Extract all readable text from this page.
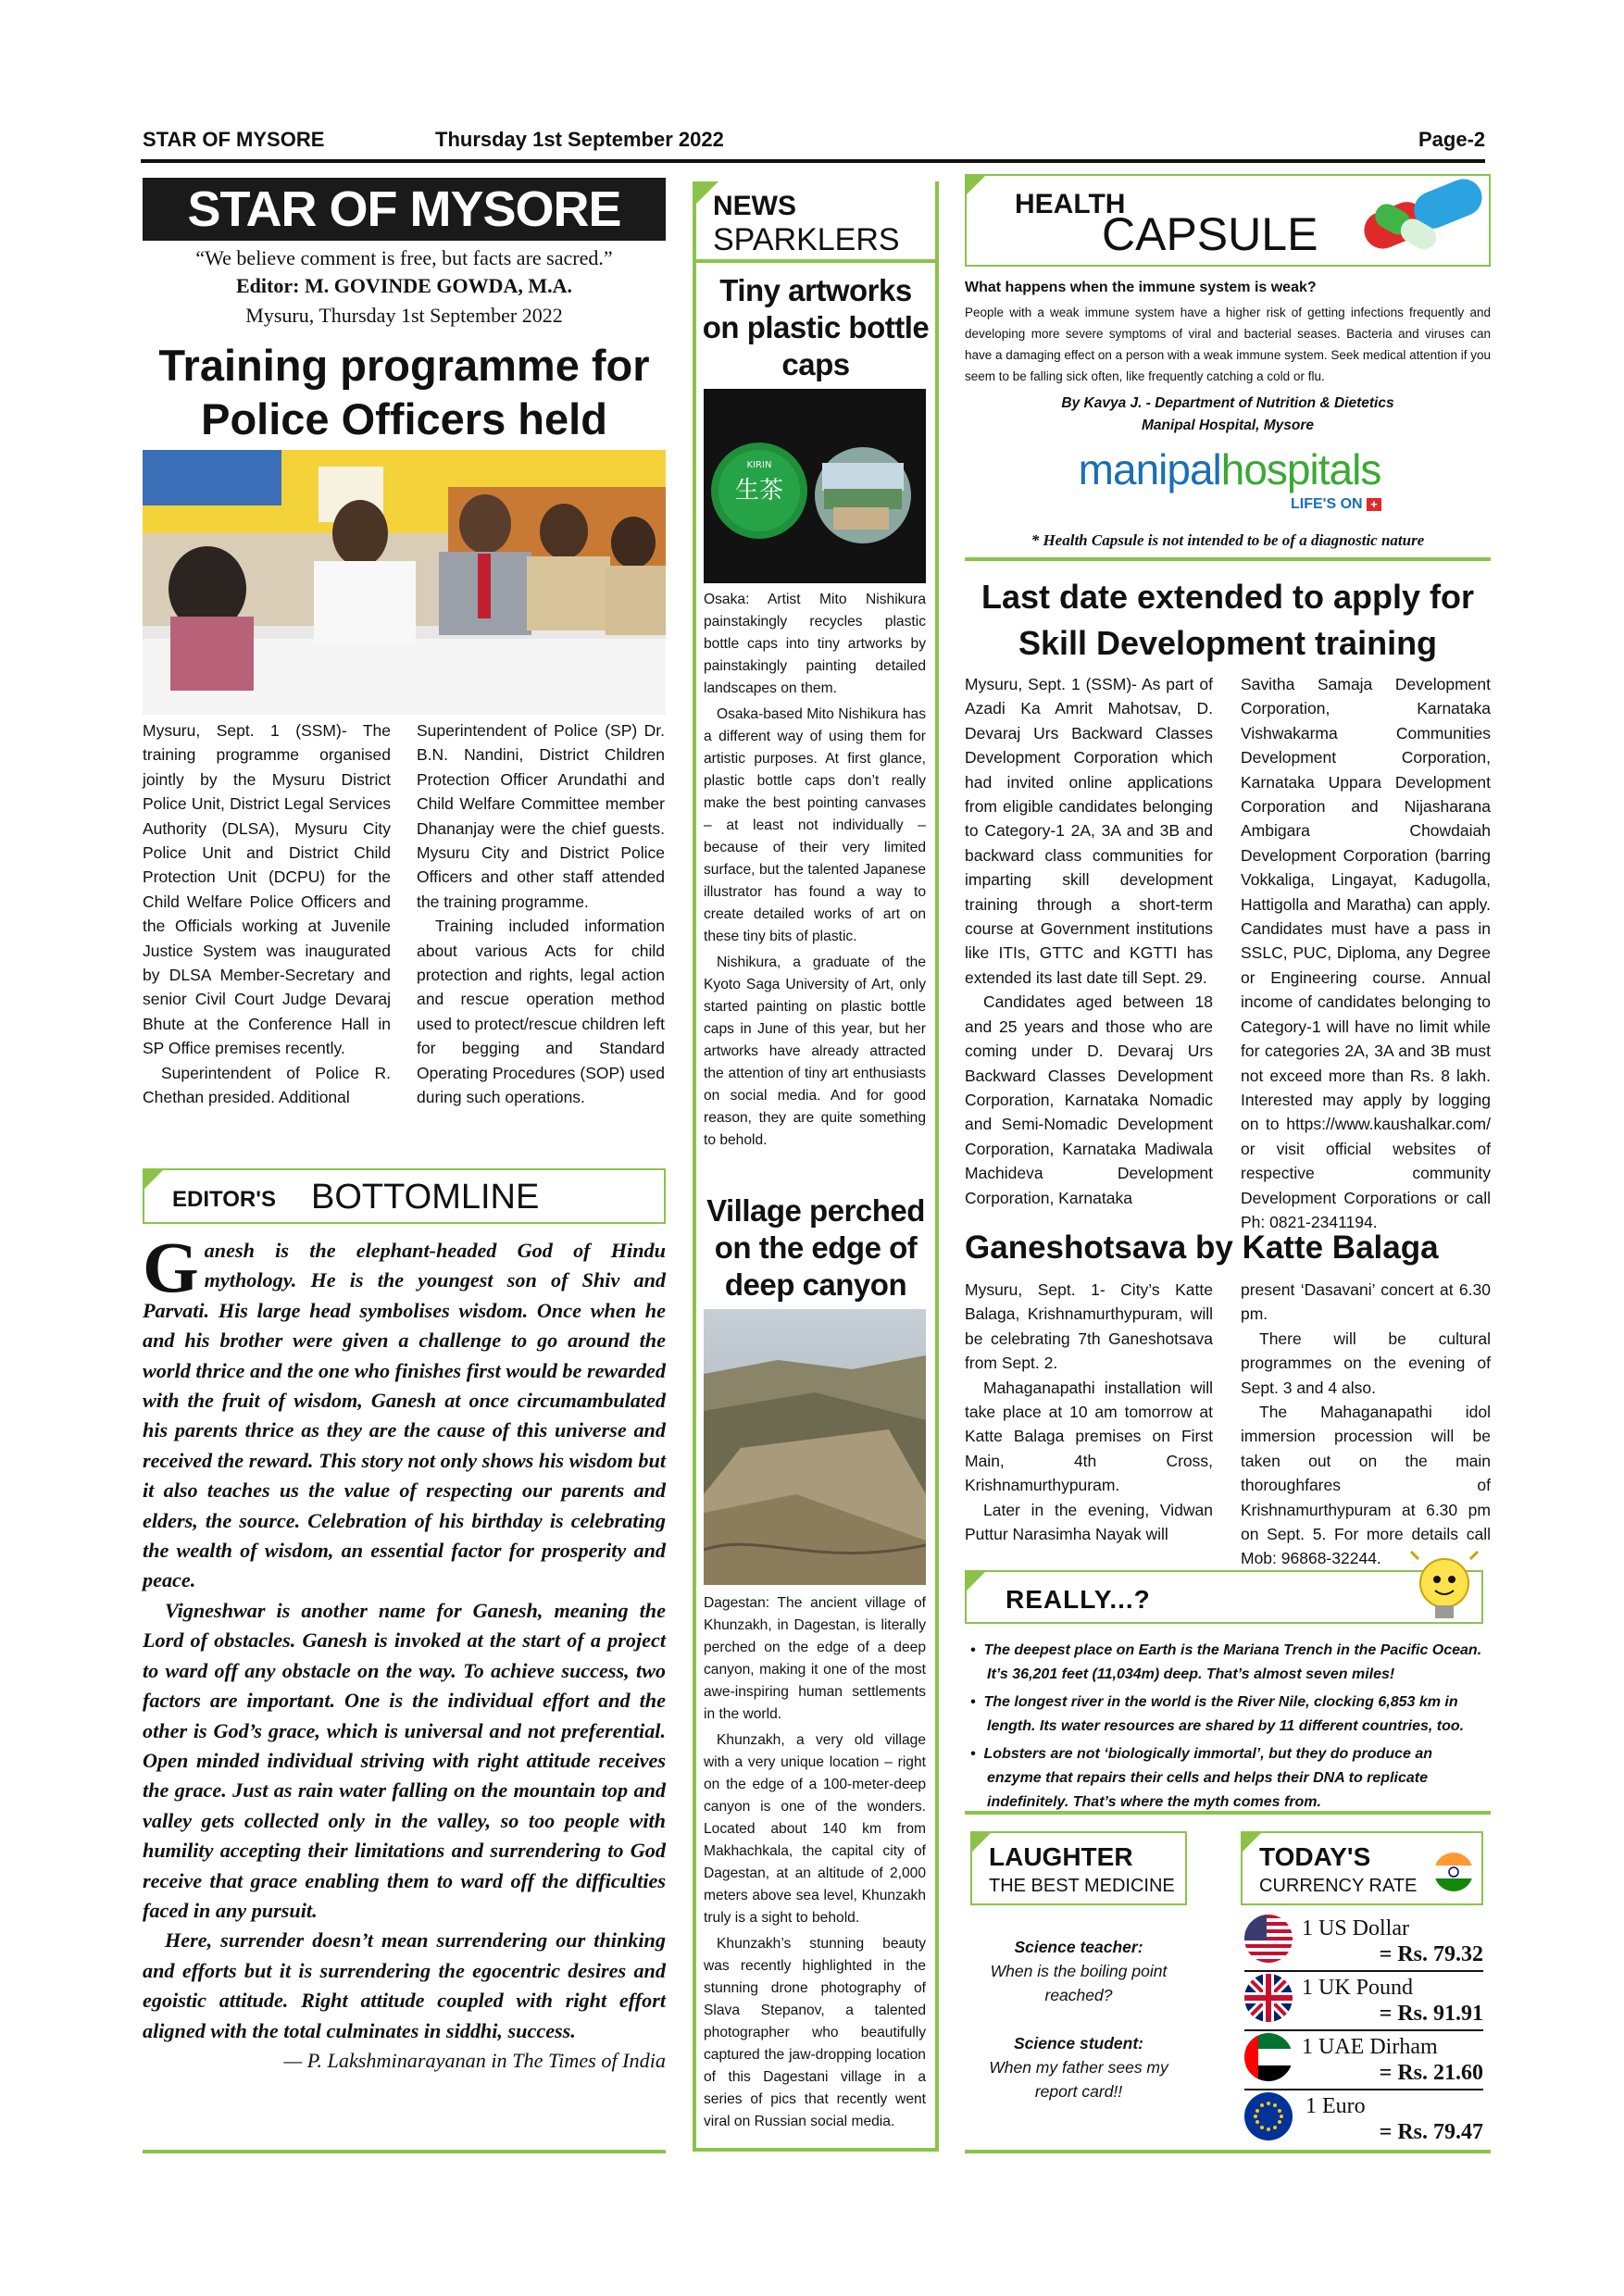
STAR OF MYSORE	Thursday 1st September 2022	Page-2
STAR OF MYSORE
“We believe comment is free, but facts are sacred.”
Editor: M. GOVINDE GOWDA, M.A.
Mysuru, Thursday 1st September 2022
Training programme for Police Officers held

Mysuru, Sept. 1 (SSM)- The training programme organised jointly by the Mysuru District Police Unit, District Legal Services Authority (DLSA), Mysuru City Police Unit and District Child Protection Unit (DCPU) for the Child Welfare Police Officers and the Officials working at Juvenile Justice System was inaugurated by DLSA Member-Secretary and senior Civil Court Judge Devaraj Bhute at the Conference Hall in SP Office premises recently.

Superintendent of Police R. Chethan presided. Additional

Superintendent of Police (SP) Dr. B.N. Nandini, District Children Protection Officer Arundathi and Child Welfare Committee member Dhananjay were the chief guests. Mysuru City and District Police Officers and other staff attended the training programme.

Training included information about various Acts for child protection and rights, legal action and rescue operation method used to protect/rescue children left for begging and Standard Operating Procedures (SOP) used during such operations.

EDITOR'S BOTTOMLINE

Ganesh is the elephant-headed God of Hindu mythology. He is the youngest son of Shiv and Parvati. His large head symbolises wisdom. Once when he and his brother were given a challenge to go around the world thrice and the one who finishes first would be rewarded with the fruit of wisdom, Ganesh at once circumambulated his parents thrice as they are the cause of this universe and received the reward. This story not only shows his wisdom but it also teaches us the value of respecting our parents and elders, the source. Celebration of his birthday is celebrating the wealth of wisdom, an essential factor for prosperity and peace.

Vigneshwar is another name for Ganesh, meaning the Lord of obstacles. Ganesh is invoked at the start of a project to ward off any obstacle on the way. To achieve success, two factors are important. One is the individual effort and the other is God’s grace, which is universal and not preferential. Open minded individual striving with right attitude receives the grace. Just as rain water falling on the mountain top and valley gets collected only in the valley, so too people with humility accepting their limitations and surrendering to God receive that grace enabling them to ward off the difficulties faced in any pursuit.

Here, surrender doesn’t mean surrendering our thinking and efforts but it is surrendering the egocentric desires and egoistic attitude. Right attitude coupled with right effort aligned with the total culminates in siddhi, success.

— P. Lakshminarayanan in The Times of India
NEWS
SPARKLERS
Tiny artworks on plastic bottle caps
生茶
KIRIN

Osaka: Artist Mito Nishikura painstakingly recycles plastic bottle caps into tiny artworks by painstakingly painting detailed landscapes on them.

Osaka-based Mito Nishikura has a different way of using them for artistic purposes. At first glance, plastic bottle caps don’t really make the best pointing canvases – at least not individually – because of their very limited surface, but the talented Japanese illustrator has found a way to create detailed works of art on these tiny bits of plastic.

Nishikura, a graduate of the Kyoto Saga University of Art, only started painting on plastic bottle caps in June of this year, but her artworks have already attracted the attention of tiny art enthusiasts on social media. And for good reason, they are quite something to behold.

Village perched on the edge of deep canyon

Dagestan: The ancient village of Khunzakh, in Dagestan, is literally perched on the edge of a deep canyon, making it one of the most awe-inspiring human settlements in the world.

Khunzakh, a very old village with a very unique location – right on the edge of a 100-meter-deep canyon is one of the wonders. Located about 140 km from Makhachkala, the capital city of Dagestan, at an altitude of 2,000 meters above sea level, Khunzakh truly is a sight to behold.

Khunzakh’s stunning beauty was recently highlighted in the stunning drone photography of Slava Stepanov, a talented photographer who beautifully captured the jaw-dropping location of this Dagestani village in a series of pics that recently went viral on Russian social media.

HEALTH
CAPSULE
What happens when the immune system is weak?
People with a weak immune system have a higher risk of getting infections frequently and developing more severe symptoms of viral and bacterial seases. Bacteria and viruses can have a damaging effect on a person with a weak immune system. Seek medical attention if you seem to be falling sick often, like frequently catching a cold or flu.
By Kavya J. - Department of Nutrition & Dietetics
Manipal Hospital, Mysore
manipalhospitals
LIFE'S ON +
* Health Capsule is not intended to be of a diagnostic nature
Last date extended to apply for Skill Development training

Mysuru, Sept. 1 (SSM)- As part of Azadi Ka Amrit Mahotsav, D. Devaraj Urs Backward Classes Development Corporation which had invited online applications from eligible candidates belonging to Category-1 2A, 3A and 3B and backward class communities for imparting skill development training through a short-term course at Government institutions like ITIs, GTTC and KGTTI has extended its last date till Sept. 29.

Candidates aged between 18 and 25 years and those who are coming under D. Devaraj Urs Backward Classes Development Corporation, Karnataka Nomadic and Semi-Nomadic Development Corporation, Karnataka Madiwala Machideva Development Corporation, Karnataka

Savitha Samaja Development Corporation, Karnataka Vishwakarma Communities Development Corporation, Karnataka Uppara Development Corporation and Nijasharana Ambigara Chowdaiah Development Corporation (barring Vokkaliga, Lingayat, Kadugolla, Hattigolla and Maratha) can apply. Candidates must have a pass in SSLC, PUC, Diploma, any Degree or Engineering course. Annual income of candidates belonging to Category-1 will have no limit while for categories 2A, 3A and 3B must not exceed more than Rs. 8 lakh. Interested may apply by logging on to https://www.kaushalkar.com/ or visit official websites of respective community Development Corporations or call Ph: 0821-2341194.

Ganeshotsava by Katte Balaga

Mysuru, Sept. 1- City’s Katte Balaga, Krishnamurthypuram, will be celebrating 7th Ganeshotsava from Sept. 2.

Mahaganapathi installation will take place at 10 am tomorrow at Katte Balaga premises on First Main, 4th Cross, Krishnamurthypuram.

Later in the evening, Vidwan Puttur Narasimha Nayak will

present ‘Dasavani’ concert at 6.30 pm.

There will be cultural programmes on the evening of Sept. 3 and 4 also.

The Mahaganapathi idol immersion procession will be taken out on the main thoroughfares of Krishnamurthypuram at 6.30 pm on Sept. 5. For more details call Mob: 96868-32244.

REALLY...?
•  The deepest place on Earth is the Mariana Trench in the Pacific Ocean. It’s 36,201 feet (11,034m) deep. That’s almost seven miles!
•  The longest river in the world is the River Nile, clocking 6,853 km in length. Its water resources are shared by 11 different countries, too.
•  Lobsters are not ‘biologically immortal’, but they do produce an enzyme that repairs their cells and helps their DNA to replicate indefinitely. That’s where the myth comes from.
LAUGHTER
THE BEST MEDICINE
Science teacher:
When is the boiling point reached?
Science student:
When my father sees my report card!!
TODAY'S
CURRENCY RATE
1 US Dollar
= Rs. 79.32
1 UK Pound
= Rs. 91.91
1 UAE Dirham
= Rs. 21.60
1 Euro
= Rs. 79.47
